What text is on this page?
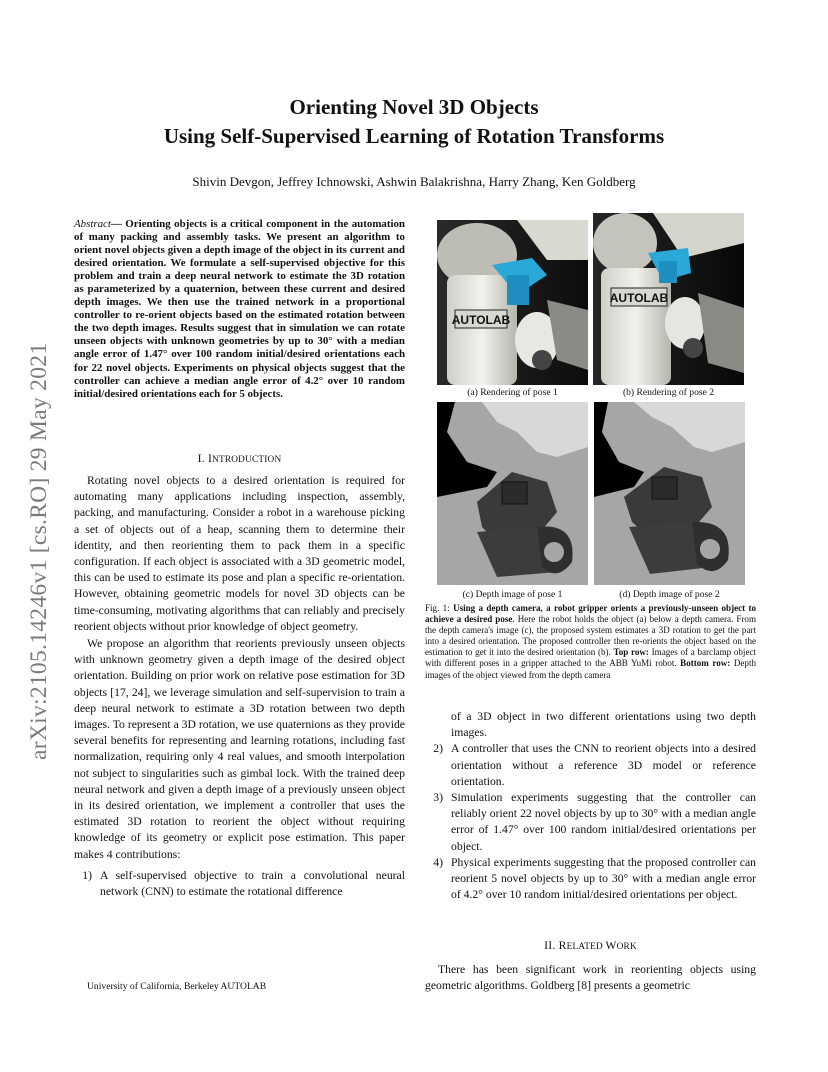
arXiv:2105.14246v1 [cs.RO] 29 May 2021
Orienting Novel 3D Objects
Using Self-Supervised Learning of Rotation Transforms
Shivin Devgon, Jeffrey Ichnowski, Ashwin Balakrishna, Harry Zhang, Ken Goldberg
Abstract— Orienting objects is a critical component in the automation of many packing and assembly tasks. We present an algorithm to orient novel objects given a depth image of the object in its current and desired orientation. We formulate a self-supervised objective for this problem and train a deep neural network to estimate the 3D rotation as parameterized by a quaternion, between these current and desired depth images. We then use the trained network in a proportional controller to re-orient objects based on the estimated rotation between the two depth images. Results suggest that in simulation we can rotate unseen objects with unknown geometries by up to 30° with a median angle error of 1.47° over 100 random initial/desired orientations each for 22 novel objects. Experiments on physical objects suggest that the controller can achieve a median angle error of 4.2° over 10 random initial/desired orientations each for 5 objects.
I. INTRODUCTION

Rotating novel objects to a desired orientation is required for automating many applications including inspection, assembly, packing, and manufacturing. Consider a robot in a warehouse picking a set of objects out of a heap, scanning them to determine their identity, and then reorienting them to pack them in a specific configuration. If each object is associated with a 3D geometric model, this can be used to estimate its pose and plan a specific re-orientation. However, obtaining geometric models for novel 3D objects can be time-consuming, motivating algorithms that can reliably and precisely reorient objects without prior knowledge of object geometry.

We propose an algorithm that reorients previously unseen objects with unknown geometry given a depth image of the desired object orientation. Building on prior work on relative pose estimation for 3D objects [17, 24], we leverage simulation and self-supervision to train a deep neural network to estimate a 3D rotation between two depth images. To represent a 3D rotation, we use quaternions as they provide several benefits for representing and learning rotations, including fast normalization, requiring only 4 real values, and smooth interpolation not subject to singularities such as gimbal lock. With the trained deep neural network and given a depth image of a previously unseen object in its desired orientation, we implement a controller that uses the estimated 3D rotation to reorient the object without requiring knowledge of its geometry or explicit pose estimation. This paper makes 4 contributions:

1) A self-supervised objective to train a convolutional neural network (CNN) to estimate the rotational difference
University of California, Berkeley AUTOLAB
AUTOLAB
AUTOLAB
(a) Rendering of pose 1	(b) Rendering of pose 2
(c) Depth image of pose 1	(d) Depth image of pose 2
Fig. 1: Using a depth camera, a robot gripper orients a previously-unseen object to achieve a desired pose. Here the robot holds the object (a) below a depth camera. From the depth camera's image (c), the proposed system estimates a 3D rotation to get the part into a desired orientation. The proposed controller then re-orients the object based on the estimation to get it into the desired orientation (b). Top row: Images of a barclamp object with different poses in a gripper attached to the ABB YuMi robot. Bottom row: Depth images of the object viewed from the depth camera
of a 3D object in two different orientations using two depth images.
2) A controller that uses the CNN to reorient objects into a desired orientation without a reference 3D model or reference orientation.
3) Simulation experiments suggesting that the controller can reliably orient 22 novel objects by up to 30° with a median angle error of 1.47° over 100 random initial/desired orientations per object.
4) Physical experiments suggesting that the proposed controller can reorient 5 novel objects by up to 30° with a median angle error of 4.2° over 10 random initial/desired orientations per object.
II. RELATED WORK

There has been significant work in reorienting objects using geometric algorithms. Goldberg [8] presents a geometric
